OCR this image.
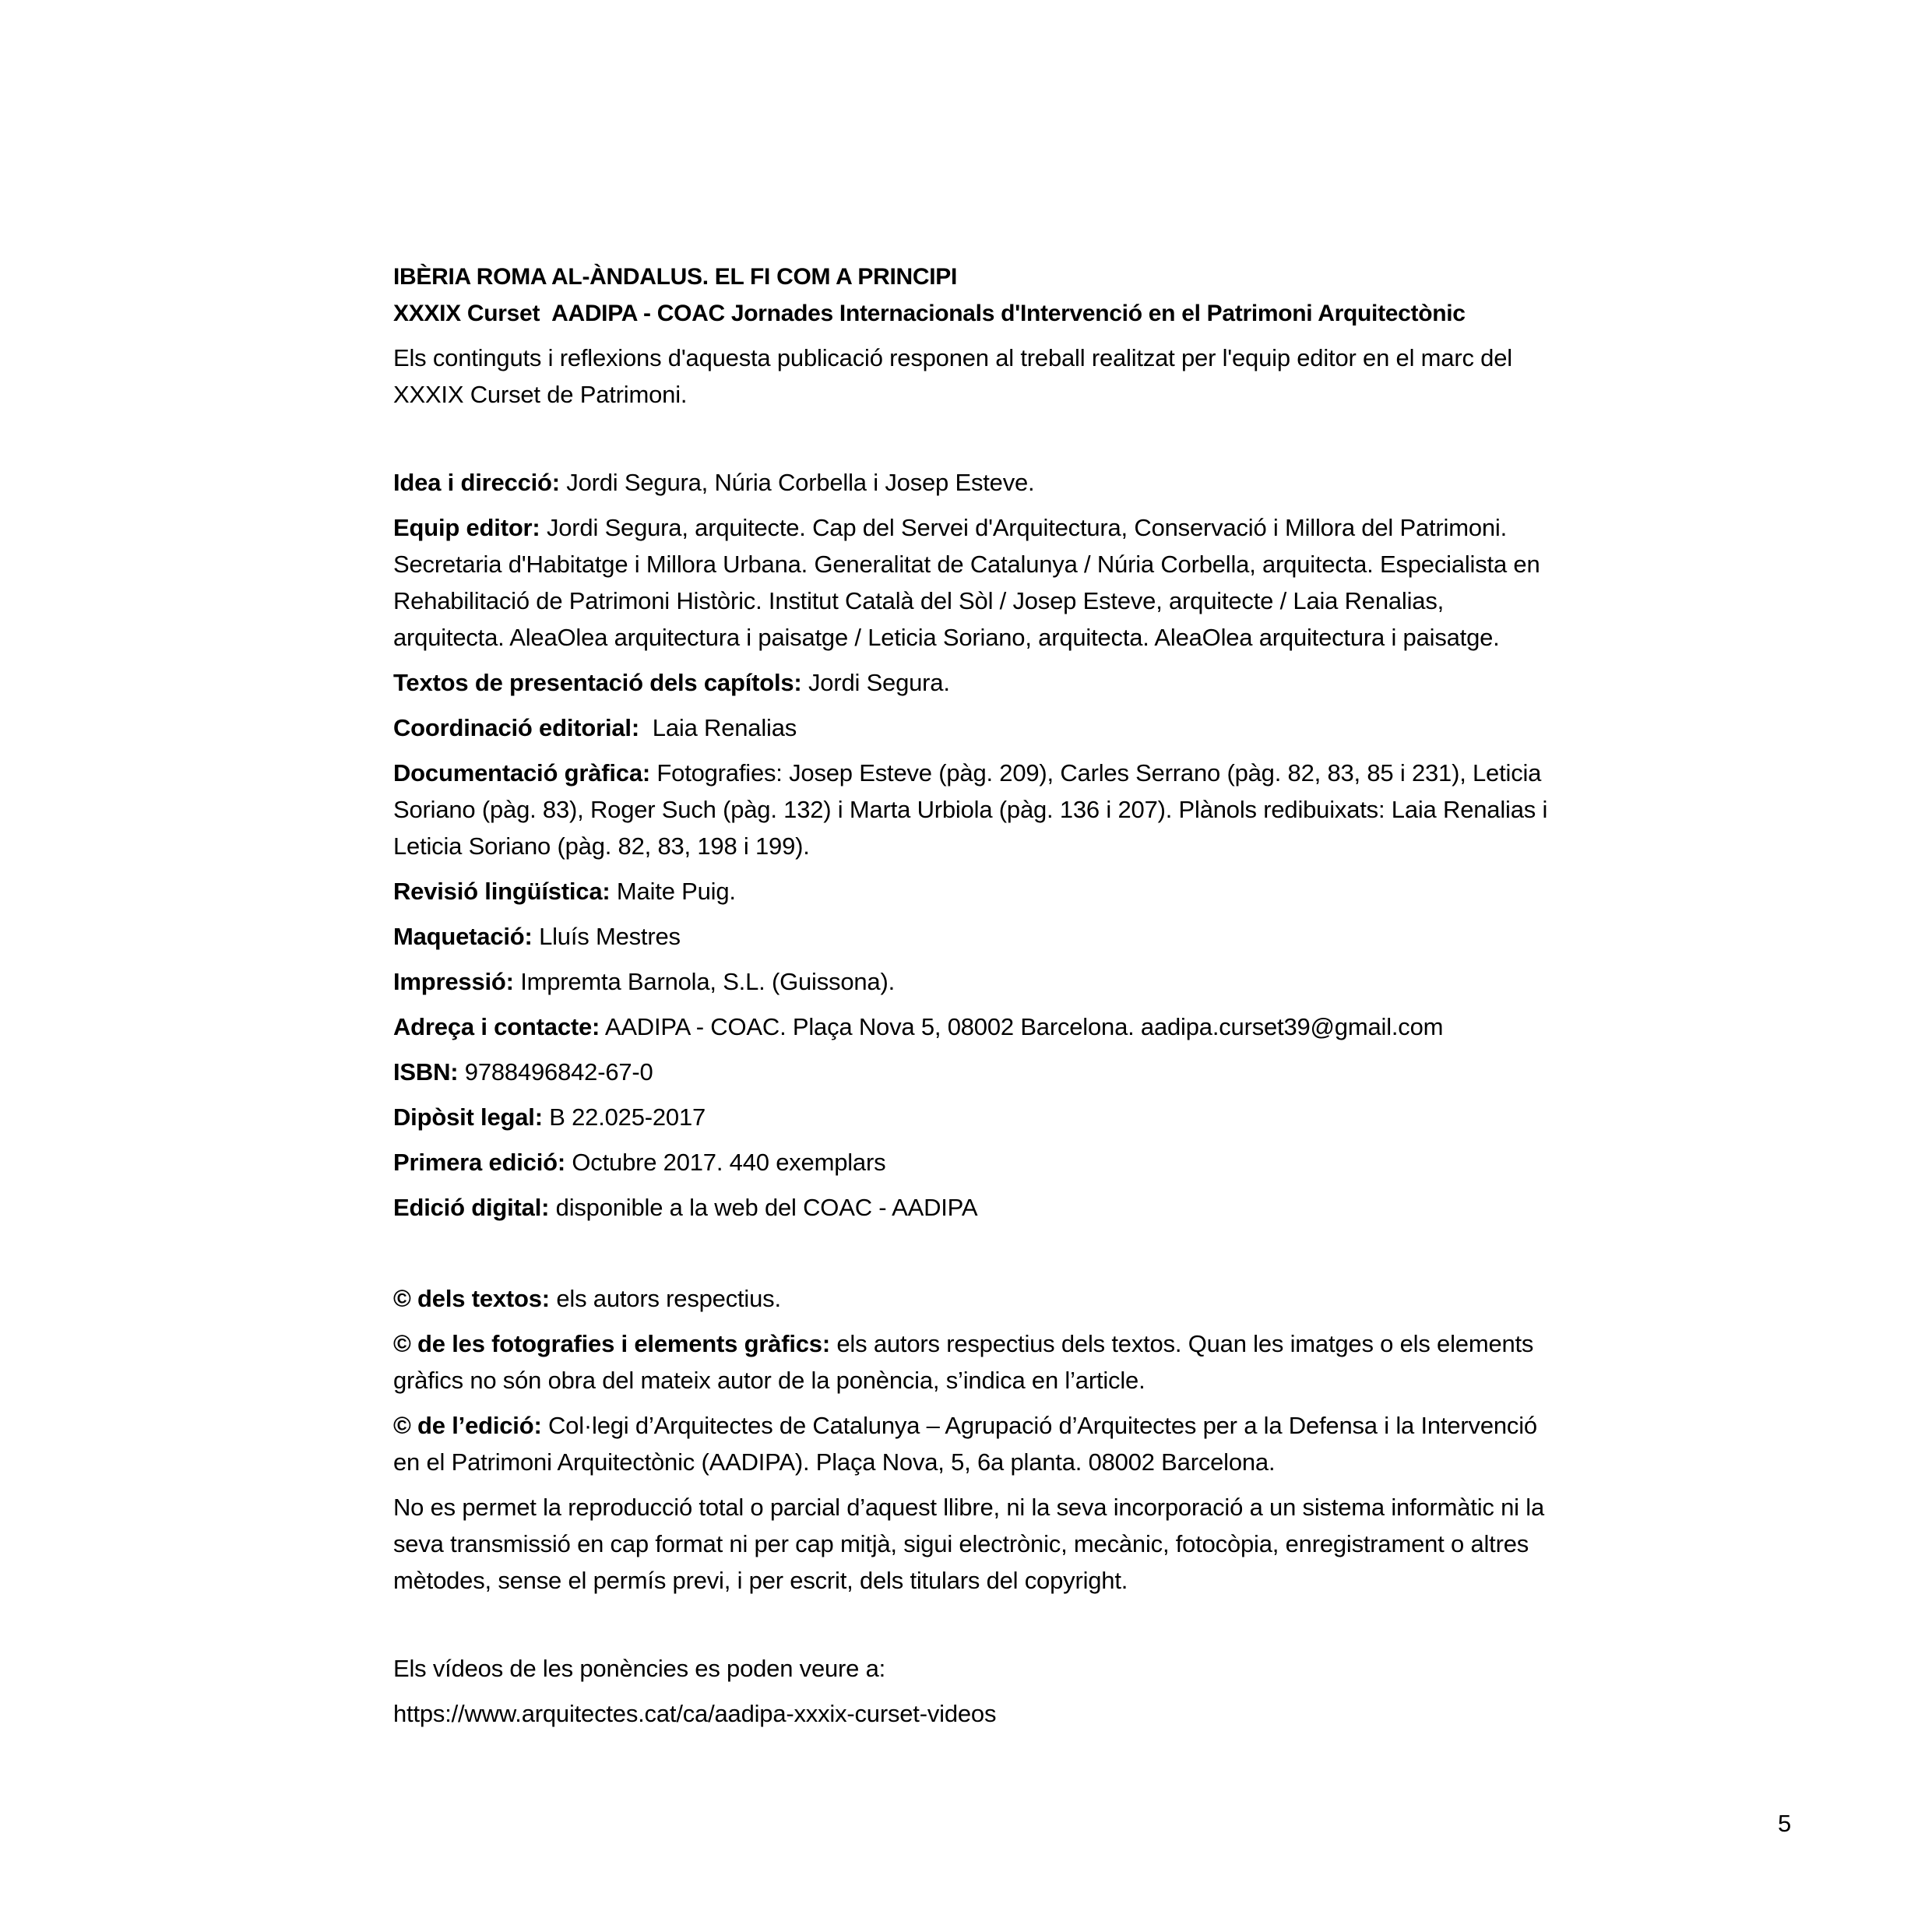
IBÈRIA ROMA AL-ÀNDALUS. EL FI COM A PRINCIPI
XXXIX Curset  AADIPA - COAC Jornades Internacionals d'Intervenció en el Patrimoni Arquitectònic

Els continguts i reflexions d'aquesta publicació responen al treball realitzat per l'equip editor en el marc del XXXIX Curset de Patrimoni.

Idea i direcció: Jordi Segura, Núria Corbella i Josep Esteve.

Equip editor: Jordi Segura, arquitecte. Cap del Servei d'Arquitectura, Conservació i Millora del Patrimoni. Secretaria d'Habitatge i Millora Urbana. Generalitat de Catalunya / Núria Corbella, arquitecta. Especialista en Rehabilitació de Patrimoni Històric. Institut Català del Sòl / Josep Esteve, arquitecte / Laia Renalias, arquitecta. AleaOlea arquitectura i paisatge / Leticia Soriano, arquitecta. AleaOlea arquitectura i paisatge.

Textos de presentació dels capítols: Jordi Segura.

Coordinació editorial:  Laia Renalias

Documentació gràfica: Fotografies: Josep Esteve (pàg. 209), Carles Serrano (pàg. 82, 83, 85 i 231), Leticia Soriano (pàg. 83), Roger Such (pàg. 132) i Marta Urbiola (pàg. 136 i 207). Plànols redibuixats: Laia Renalias i Leticia Soriano (pàg. 82, 83, 198 i 199).

Revisió lingüística: Maite Puig.

Maquetació: Lluís Mestres

Impressió: Impremta Barnola, S.L. (Guissona).

Adreça i contacte: AADIPA - COAC. Plaça Nova 5, 08002 Barcelona. aadipa.curset39@gmail.com

ISBN: 9788496842-67-0

Dipòsit legal: B 22.025-2017

Primera edició: Octubre 2017. 440 exemplars

Edició digital: disponible a la web del COAC - AADIPA

© dels textos: els autors respectius.

© de les fotografies i elements gràfics: els autors respectius dels textos. Quan les imatges o els elements gràfics no són obra del mateix autor de la ponència, s’indica en l’article.

© de l’edició: Col·legi d’Arquitectes de Catalunya – Agrupació d’Arquitectes per a la Defensa i la Intervenció en el Patrimoni Arquitectònic (AADIPA). Plaça Nova, 5, 6a planta. 08002 Barcelona.

No es permet la reproducció total o parcial d’aquest llibre, ni la seva incorporació a un sistema informàtic ni la seva transmissió en cap format ni per cap mitjà, sigui electrònic, mecànic, fotocòpia, enregistrament o altres mètodes, sense el permís previ, i per escrit, dels titulars del copyright.

Els vídeos de les ponències es poden veure a:

https://www.arquitectes.cat/ca/aadipa-xxxix-curset-videos

5
